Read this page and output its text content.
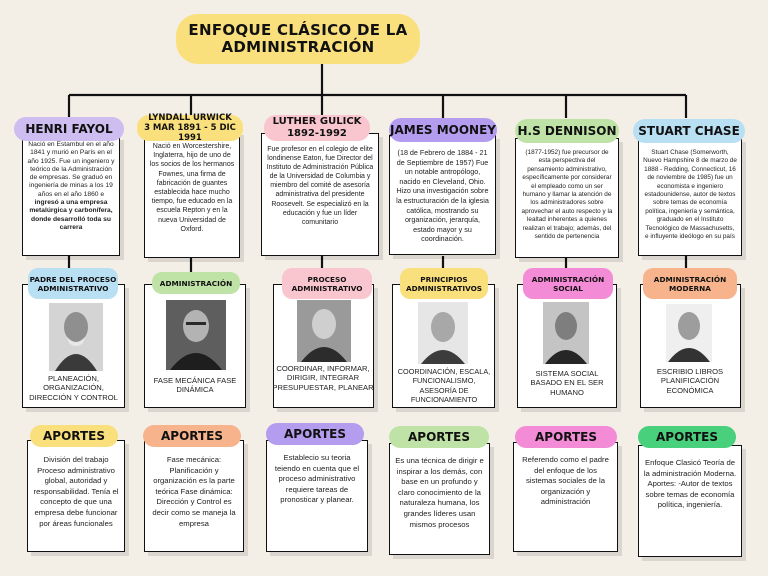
ENFOQUE CLÁSICO DE LA ADMINISTRACIÓN
Nació en Estambul en el año 1841 y murió en París en el año 1925. Fue un ingeniero y teórico de la Administración de empresas. Se graduó en ingeniería de minas a los 19 años en el año 1860 e ingresó a una empresa metalúrgica y carbonífera, donde desarrolló toda su carrera
HENRI FAYOL
PADRE DEL PROCESO ADMINISTRATIVO
PLANEACIÓN, ORGANIZACIÓN, DIRECCIÓN Y CONTROL
División del trabajo Proceso administrativo global, autoridad y responsabilidad. Tenía el concepto de que una empresa debe funcionar por áreas funcionales
APORTES
Nació en Worcestershire, Inglaterra, hijo de uno de los socios de los hermanos Fownes, una firma de fabricación de guantes establecida hace mucho tiempo, fue educado en la escuela Repton y en la nueva Universidad de Oxford.
LYNDALL URWICK
3 MAR 1891 - 5 DIC 1991
ADMINISTRACIÓN
FASE MECÁNICA FASE DINÁMICA
Fase mecánica: Planificación y organización es la parte teórica Fase dinámica: Dirección y Control es decir como se maneja la empresa
APORTES
Fue profesor en el colegio de elite londinense Eaton, fue Director del Instituto de Administración Pública de la Universidad de Columbia y miembro del comité de asesoría administrativa del presidente Roosevelt. Se especializó en la educación y fue un líder comunitario
LUTHER GULICK
1892-1992
PROCESO ADMINISTRATIVO
COORDINAR, INFORMAR, DIRIGIR, INTEGRAR PRESUPUESTAR, PLANEAR
Establecio su teoria teiendo en cuenta que el proceso administrativo requiere tareas de pronosticar y planear.
APORTES
(18 de Febrero de 1884 - 21 de Septiembre de 1957) Fue un notable antropólogo, nacido en Cleveland, Ohio. Hizo una investigación sobre la estructuración de la iglesia católica, mostrando su organización, jerarquía, estado mayor y su coordinación.
JAMES MOONEY
PRINCIPIOS ADMINISTRATIVOS
COORDINACIÓN, ESCALA, FUNCIONALISMO, ASESORÍA DE FUNCIONAMIENTO
Es una técnica de dirigir e inspirar a los demás, con base en un profundo y claro conocimiento de la naturaleza humana, los grandes líderes usan mismos procesos
APORTES
(1877-1952) fue precursor de esta perspectiva del pensamiento administrativo, específicamente por considerar el empleado como un ser humano y llamar la atención de los administradores sobre aprovechar el auto respecto y la lealtad inherentes a quienes realizan el trabajo; además, del sentido de pertenencia
H.S DENNISON
ADMINISTRACIÓN SOCIAL
SISTEMA SOCIAL BASADO EN EL SER HUMANO
Referendo como el padre del enfoque de los sistemas sociales de la organización y administración
APORTES
Stuart Chase (Somerworth, Nuevo Hampshire 8 de marzo de 1888 - Redding, Connecticut, 16 de noviembre de 1985) fue un economista e ingeniero estadounidense, autor de textos sobre temas de economía política, ingeniería y semántica, graduado en el Instituto Tecnológico de Massachusetts, e influyente ideólogo en su país
STUART CHASE
ADMINISTRACIÓN MODERNA
ESCRIBIO LIBROS PLANIFICACIÓN ECONÓMICA
Enfoque Clasicó Teoría de la administración Moderna. Aportes: -Autor de textos sobre temas de economía política, ingeniería.
APORTES
